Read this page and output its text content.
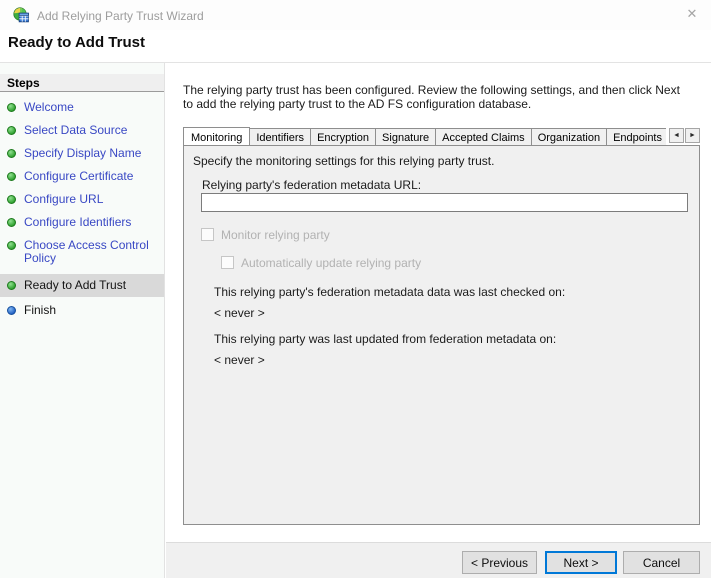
Add Relying Party Trust Wizard	✕
Ready to Add Trust
Steps
Welcome
Select Data Source
Specify Display Name
Configure Certificate
Configure URL
Configure Identifiers
Choose Access Control Policy
Ready to Add Trust
Finish
The relying party trust has been configured. Review the following settings, and then click Next to add the relying party trust to the AD FS configuration database.
Monitoring	Identifiers	Encryption	Signature	Accepted Claims	Organization	Endpoints	◄	►
Specify the monitoring settings for this relying party trust.
Relying party's federation metadata URL:
Monitor relying party
Automatically update relying party
This relying party's federation metadata data was last checked on:
< never >
This relying party was last updated from federation metadata on:
< never >
< Previous	Next >	Cancel
